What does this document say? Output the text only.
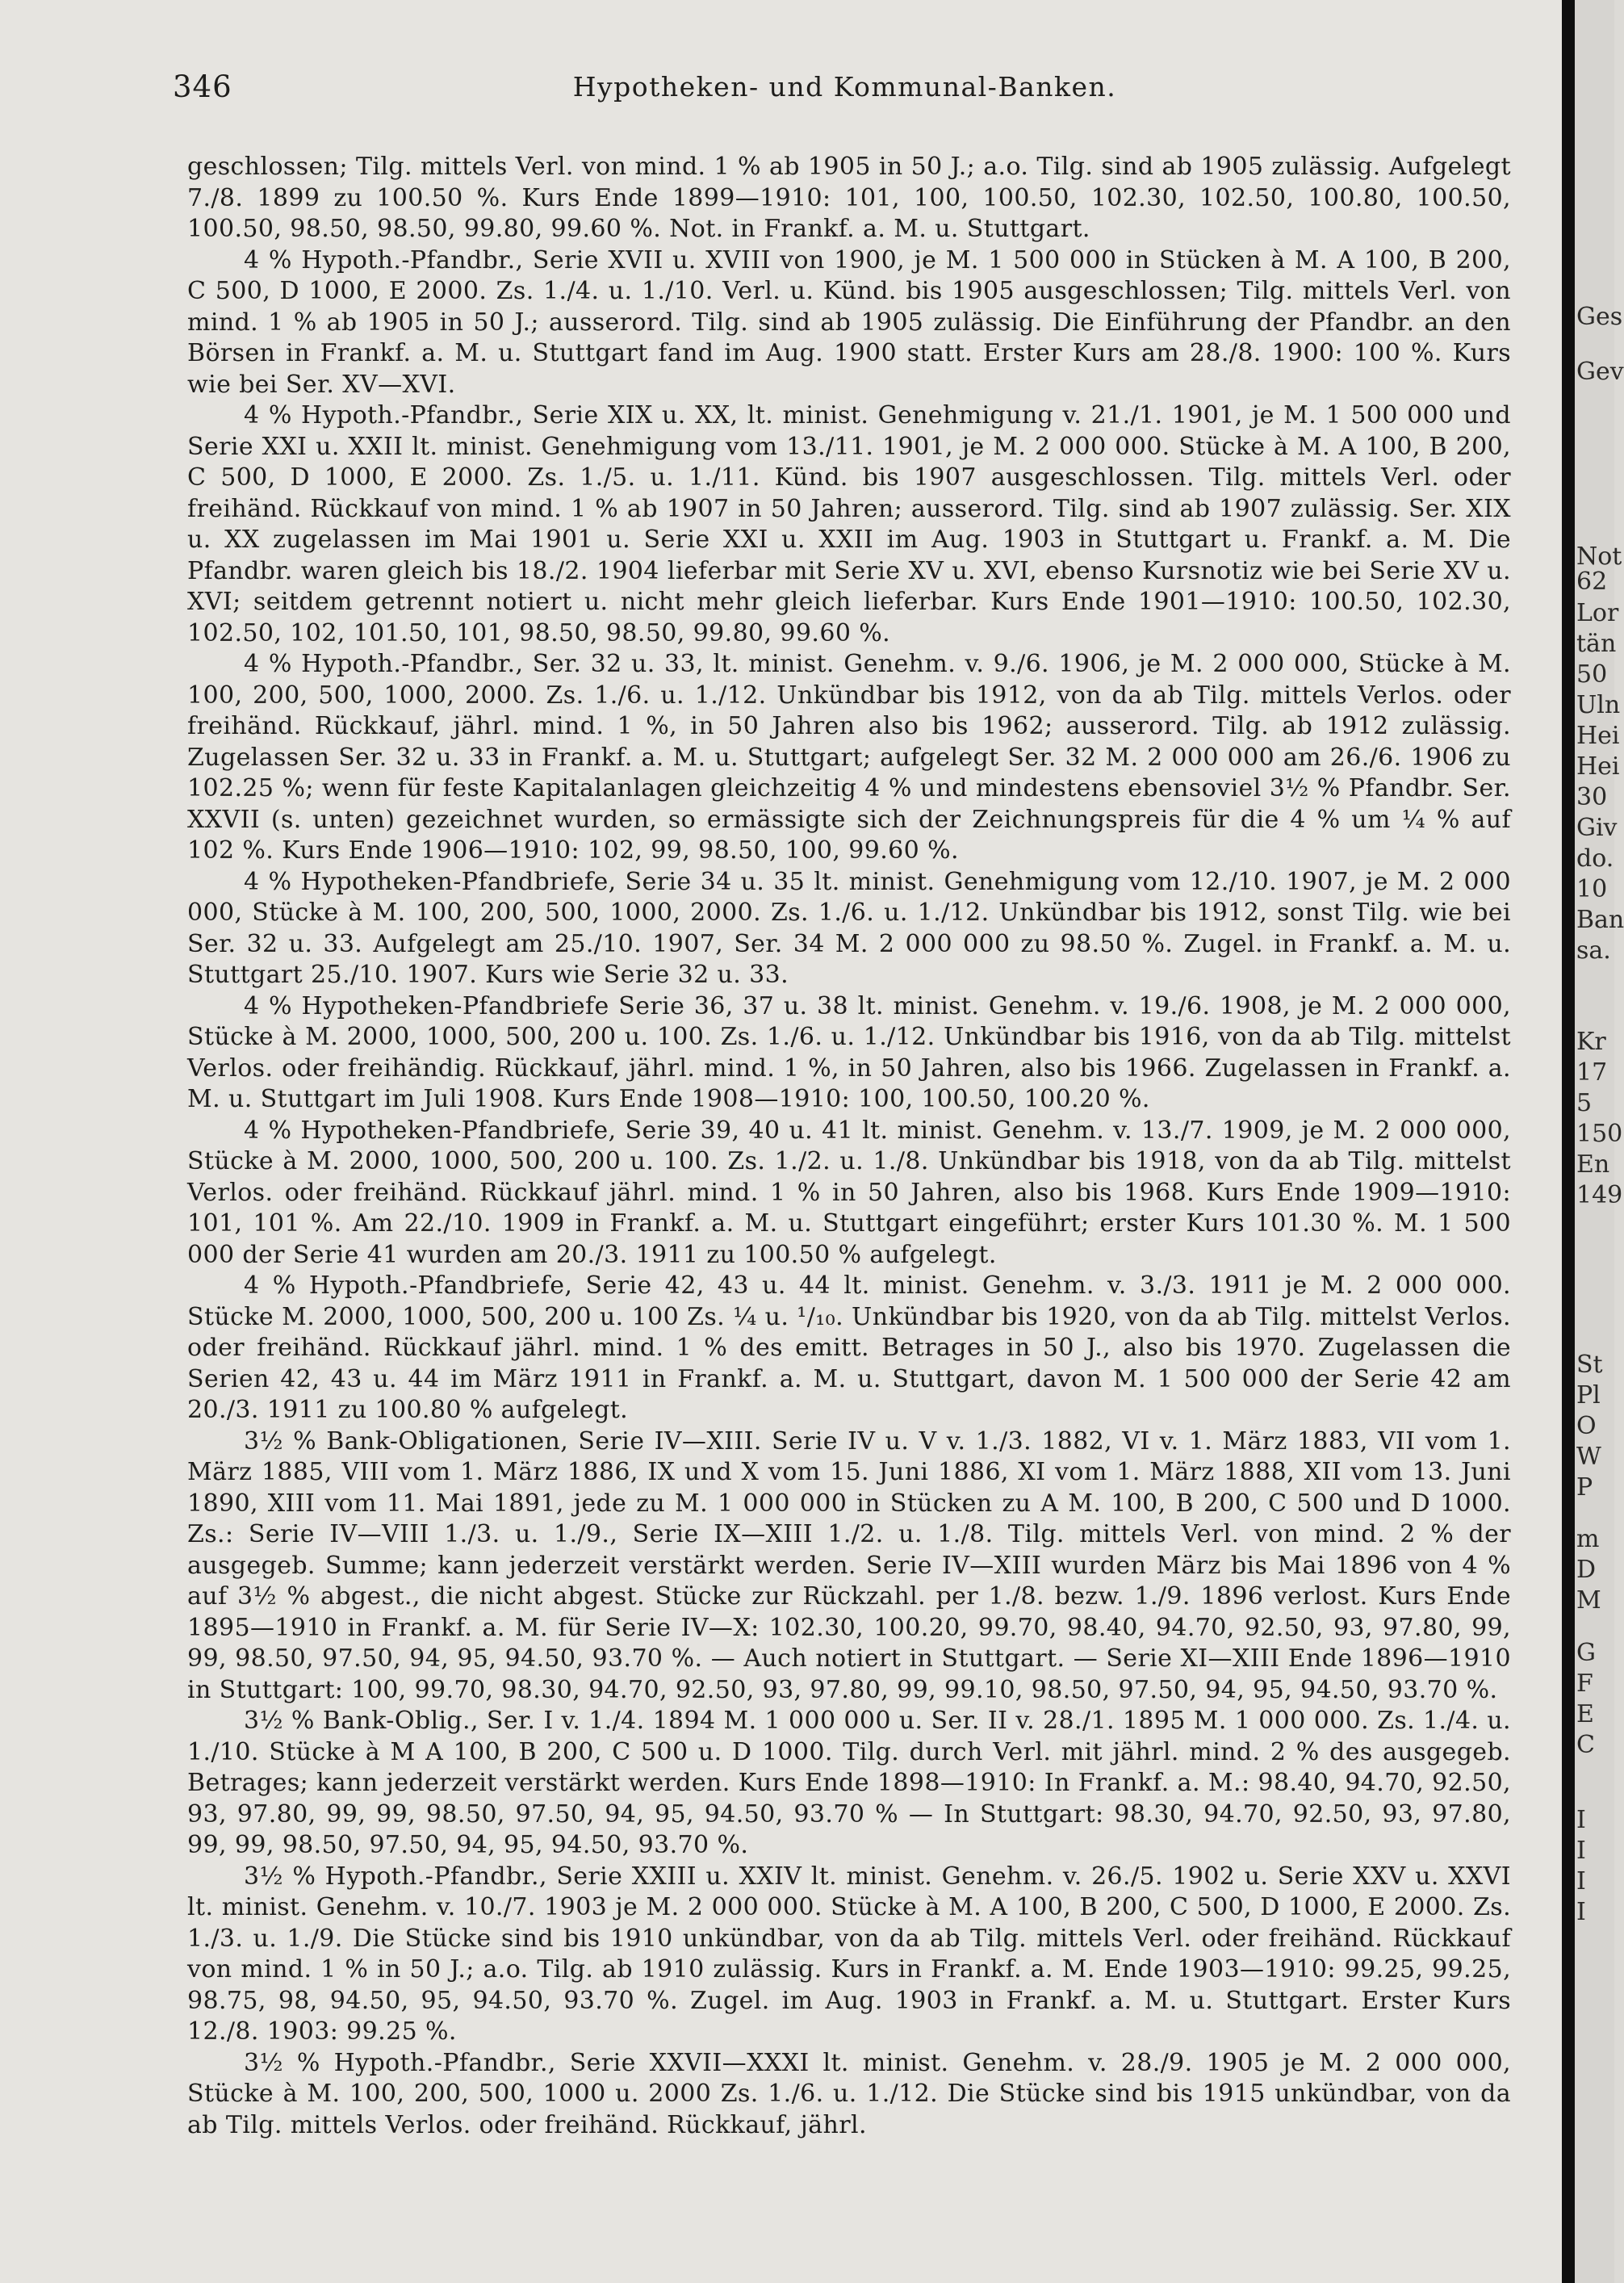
346	Hypotheken- und Kommunal-Banken.

geschlossen; Tilg. mittels Verl. von mind. 1 % ab 1905 in 50 J.; a.o. Tilg. sind ab 1905 zulässig. Aufgelegt 7./8. 1899 zu 100.50 %. Kurs Ende 1899—1910: 101, 100, 100.50, 102.30, 102.50, 100.80, 100.50, 100.50, 98.50, 98.50, 99.80, 99.60 %. Not. in Frankf. a. M. u. Stuttgart.

4 % Hypoth.-Pfandbr., Serie XVII u. XVIII von 1900, je M. 1 500 000 in Stücken à M. A 100, B 200, C 500, D 1000, E 2000. Zs. 1./4. u. 1./10. Verl. u. Künd. bis 1905 ausgeschlossen; Tilg. mittels Verl. von mind. 1 % ab 1905 in 50 J.; ausserord. Tilg. sind ab 1905 zulässig. Die Einführung der Pfandbr. an den Börsen in Frankf. a. M. u. Stuttgart fand im Aug. 1900 statt. Erster Kurs am 28./8. 1900: 100 %. Kurs wie bei Ser. XV—XVI.

4 % Hypoth.-Pfandbr., Serie XIX u. XX, lt. minist. Genehmigung v. 21./1. 1901, je M. 1 500 000 und Serie XXI u. XXII lt. minist. Genehmigung vom 13./11. 1901, je M. 2 000 000. Stücke à M. A 100, B 200, C 500, D 1000, E 2000. Zs. 1./5. u. 1./11. Künd. bis 1907 ausgeschlossen. Tilg. mittels Verl. oder freihänd. Rückkauf von mind. 1 % ab 1907 in 50 Jahren; ausserord. Tilg. sind ab 1907 zulässig. Ser. XIX u. XX zugelassen im Mai 1901 u. Serie XXI u. XXII im Aug. 1903 in Stuttgart u. Frankf. a. M. Die Pfandbr. waren gleich bis 18./2. 1904 lieferbar mit Serie XV u. XVI, ebenso Kursnotiz wie bei Serie XV u. XVI; seitdem getrennt notiert u. nicht mehr gleich lieferbar. Kurs Ende 1901—1910: 100.50, 102.30, 102.50, 102, 101.50, 101, 98.50, 98.50, 99.80, 99.60 %.

4 % Hypoth.-Pfandbr., Ser. 32 u. 33, lt. minist. Genehm. v. 9./6. 1906, je M. 2 000 000, Stücke à M. 100, 200, 500, 1000, 2000. Zs. 1./6. u. 1./12. Unkündbar bis 1912, von da ab Tilg. mittels Verlos. oder freihänd. Rückkauf, jährl. mind. 1 %, in 50 Jahren also bis 1962; ausserord. Tilg. ab 1912 zulässig. Zugelassen Ser. 32 u. 33 in Frankf. a. M. u. Stuttgart; aufgelegt Ser. 32 M. 2 000 000 am 26./6. 1906 zu 102.25 %; wenn für feste Kapitalanlagen gleichzeitig 4 % und mindestens ebensoviel 3½ % Pfandbr. Ser. XXVII (s. unten) gezeichnet wurden, so ermässigte sich der Zeichnungspreis für die 4 % um ¼ % auf 102 %. Kurs Ende 1906—1910: 102, 99, 98.50, 100, 99.60 %.

4 % Hypotheken-Pfandbriefe, Serie 34 u. 35 lt. minist. Genehmigung vom 12./10. 1907, je M. 2 000 000, Stücke à M. 100, 200, 500, 1000, 2000. Zs. 1./6. u. 1./12. Unkündbar bis 1912, sonst Tilg. wie bei Ser. 32 u. 33. Aufgelegt am 25./10. 1907, Ser. 34 M. 2 000 000 zu 98.50 %. Zugel. in Frankf. a. M. u. Stuttgart 25./10. 1907. Kurs wie Serie 32 u. 33.

4 % Hypotheken-Pfandbriefe Serie 36, 37 u. 38 lt. minist. Genehm. v. 19./6. 1908, je M. 2 000 000, Stücke à M. 2000, 1000, 500, 200 u. 100. Zs. 1./6. u. 1./12. Unkündbar bis 1916, von da ab Tilg. mittelst Verlos. oder freihändig. Rückkauf, jährl. mind. 1 %, in 50 Jahren, also bis 1966. Zugelassen in Frankf. a. M. u. Stuttgart im Juli 1908. Kurs Ende 1908—1910: 100, 100.50, 100.20 %.

4 % Hypotheken-Pfandbriefe, Serie 39, 40 u. 41 lt. minist. Genehm. v. 13./7. 1909, je M. 2 000 000, Stücke à M. 2000, 1000, 500, 200 u. 100. Zs. 1./2. u. 1./8. Unkündbar bis 1918, von da ab Tilg. mittelst Verlos. oder freihänd. Rückkauf jährl. mind. 1 % in 50 Jahren, also bis 1968. Kurs Ende 1909—1910: 101, 101 %. Am 22./10. 1909 in Frankf. a. M. u. Stuttgart eingeführt; erster Kurs 101.30 %. M. 1 500 000 der Serie 41 wurden am 20./3. 1911 zu 100.50 % aufgelegt.

4 % Hypoth.-Pfandbriefe, Serie 42, 43 u. 44 lt. minist. Genehm. v. 3./3. 1911 je M. 2 000 000. Stücke M. 2000, 1000, 500, 200 u. 100 Zs. ¼ u. ¹/₁₀. Unkündbar bis 1920, von da ab Tilg. mittelst Verlos. oder freihänd. Rückkauf jährl. mind. 1 % des emitt. Betrages in 50 J., also bis 1970. Zugelassen die Serien 42, 43 u. 44 im März 1911 in Frankf. a. M. u. Stuttgart, davon M. 1 500 000 der Serie 42 am 20./3. 1911 zu 100.80 % aufgelegt.

3½ % Bank-Obligationen, Serie IV—XIII. Serie IV u. V v. 1./3. 1882, VI v. 1. März 1883, VII vom 1. März 1885, VIII vom 1. März 1886, IX und X vom 15. Juni 1886, XI vom 1. März 1888, XII vom 13. Juni 1890, XIII vom 11. Mai 1891, jede zu M. 1 000 000 in Stücken zu A M. 100, B 200, C 500 und D 1000. Zs.: Serie IV—VIII 1./3. u. 1./9., Serie IX—XIII 1./2. u. 1./8. Tilg. mittels Verl. von mind. 2 % der ausgegeb. Summe; kann jederzeit verstärkt werden. Serie IV—XIII wurden März bis Mai 1896 von 4 % auf 3½ % abgest., die nicht abgest. Stücke zur Rückzahl. per 1./8. bezw. 1./9. 1896 verlost. Kurs Ende 1895—1910 in Frankf. a. M. für Serie IV—X: 102.30, 100.20, 99.70, 98.40, 94.70, 92.50, 93, 97.80, 99, 99, 98.50, 97.50, 94, 95, 94.50, 93.70 %. — Auch notiert in Stuttgart. — Serie XI—XIII Ende 1896—1910 in Stuttgart: 100, 99.70, 98.30, 94.70, 92.50, 93, 97.80, 99, 99.10, 98.50, 97.50, 94, 95, 94.50, 93.70 %.

3½ % Bank-Oblig., Ser. I v. 1./4. 1894 M. 1 000 000 u. Ser. II v. 28./1. 1895 M. 1 000 000. Zs. 1./4. u. 1./10. Stücke à M A 100, B 200, C 500 u. D 1000. Tilg. durch Verl. mit jährl. mind. 2 % des ausgegeb. Betrages; kann jederzeit verstärkt werden. Kurs Ende 1898—1910: In Frankf. a. M.: 98.40, 94.70, 92.50, 93, 97.80, 99, 99, 98.50, 97.50, 94, 95, 94.50, 93.70 % — In Stuttgart: 98.30, 94.70, 92.50, 93, 97.80, 99, 99, 98.50, 97.50, 94, 95, 94.50, 93.70 %.

3½ % Hypoth.-Pfandbr., Serie XXIII u. XXIV lt. minist. Genehm. v. 26./5. 1902 u. Serie XXV u. XXVI lt. minist. Genehm. v. 10./7. 1903 je M. 2 000 000. Stücke à M. A 100, B 200, C 500, D 1000, E 2000. Zs. 1./3. u. 1./9. Die Stücke sind bis 1910 unkündbar, von da ab Tilg. mittels Verl. oder freihänd. Rückkauf von mind. 1 % in 50 J.; a.o. Tilg. ab 1910 zulässig. Kurs in Frankf. a. M. Ende 1903—1910: 99.25, 99.25, 98.75, 98, 94.50, 95, 94.50, 93.70 %. Zugel. im Aug. 1903 in Frankf. a. M. u. Stuttgart. Erster Kurs 12./8. 1903: 99.25 %.

3½ % Hypoth.-Pfandbr., Serie XXVII—XXXI lt. minist. Genehm. v. 28./9. 1905 je M. 2 000 000, Stücke à M. 100, 200, 500, 1000 u. 2000 Zs. 1./6. u. 1./12. Die Stücke sind bis 1915 unkündbar, von da ab Tilg. mittels Verlos. oder freihänd. Rückkauf, jährl.

Ges
Gev
Not
62
Lor
tän
50
Uln
Hei
Hei
30
Giv
do.
10
Ban
sa.
Kr
17
5
150
En
149
St
Pl
O
W
P
m
D
M
G
F
E
C
I
I
I
I
